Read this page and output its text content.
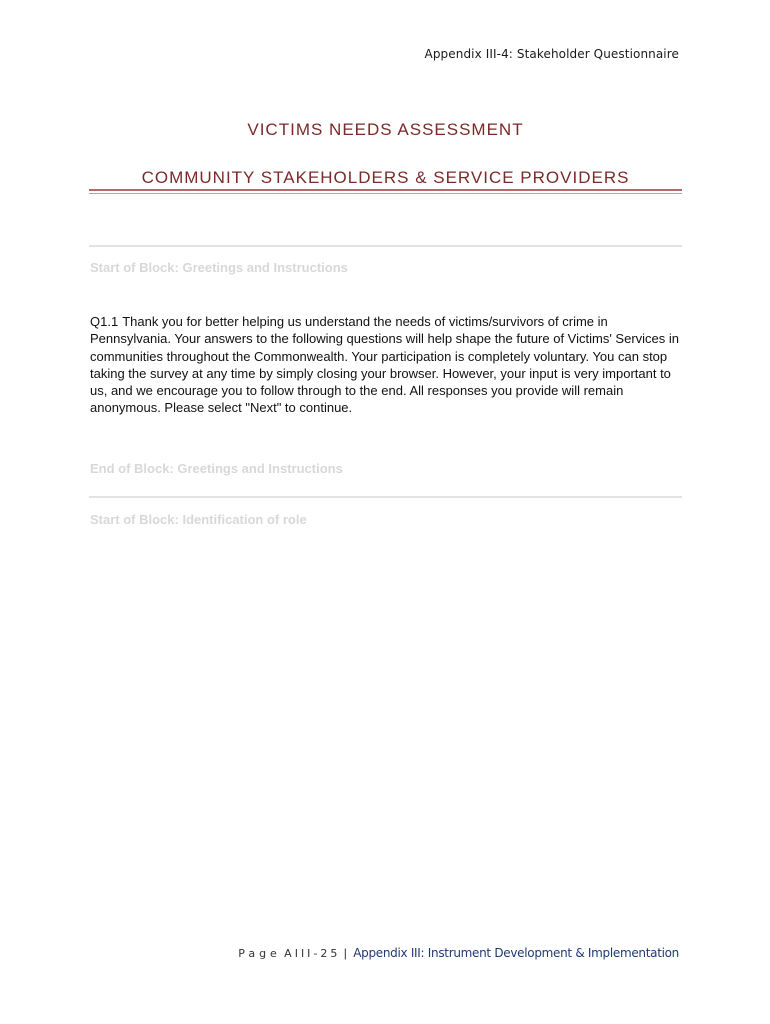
Appendix III-4: Stakeholder Questionnaire
VICTIMS NEEDS ASSESSMENT
COMMUNITY STAKEHOLDERS & SERVICE PROVIDERS
Start of Block: Greetings and Instructions
Q1.1 Thank you for better helping us understand the needs of victims/survivors of crime in Pennsylvania. Your answers to the following questions will help shape the future of Victims' Services in communities throughout the Commonwealth. Your participation is completely voluntary. You can stop taking the survey at any time by simply closing your browser. However, your input is very important to us, and we encourage you to follow through to the end. All responses you provide will remain anonymous. Please select "Next" to continue.
End of Block: Greetings and Instructions
Start of Block: Identification of role
Page AIII-25 | Appendix III: Instrument Development & Implementation
